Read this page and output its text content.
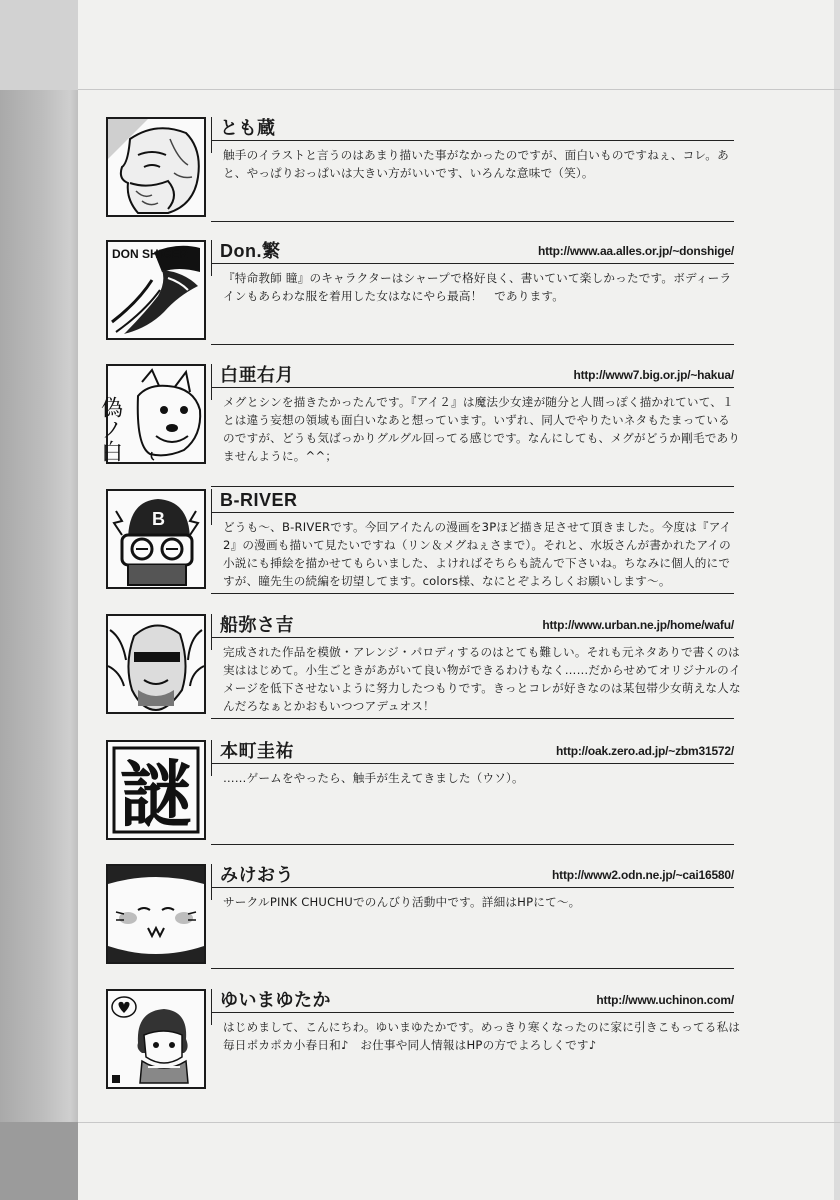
とも蔵
触手のイラストと言うのはあまり描いた事がなかったのですが、面白いものですねぇ、コレ。あと、やっぱりおっぱいは大きい方がいいです、いろんな意味で（笑）。
DON SHIGER Don.繁	http://www.aa.alles.or.jp/~donshige/
『特命教師 瞳』のキャラクターはシャープで格好良く、書いていて楽しかったです。ボディーラインもあらわな服を着用した女はなにやら最高！　であります。
偽ノ白
白亜右月	http://www7.big.or.jp/~hakua/
メグとシンを描きたかったんです。『アイ２』は魔法少女達が随分と人間っぽく描かれていて、１とは違う妄想の領域も面白いなあと想っています。いずれ、同人でやりたいネタもたまっているのですが、どうも気ばっかりグルグル回ってる感じです。なんにしても、メグがどうか剛毛でありませんように。^^；
B
B-RIVER
どうも～、B-RIVERです。今回アイたんの漫画を3Pほど描き足させて頂きました。今度は『アイ2』の漫画も描いて見たいですね（リン＆メグねぇさまで）。それと、水坂さんが書かれたアイの小説にも挿絵を描かせてもらいました、よければそちらも読んで下さいね。ちなみに個人的にですが、瞳先生の続編を切望してます。colors様、なにとぞよろしくお願いします～。
船弥さ吉	http://www.urban.ne.jp/home/wafu/
完成された作品を模倣・アレンジ・パロディするのはとても難しい。それも元ネタありで書くのは実ははじめて。小生ごときがあがいて良い物ができるわけもなく……だからせめてオリジナルのイメージを低下させないように努力したつもりです。きっとコレが好きなのは某包帯少女萌えな人なんだろなぁとかおもいつつアデュオス！
謎
本町圭祐	http://oak.zero.ad.jp/~zbm31572/
……ゲームをやったら、触手が生えてきました（ウソ）。
みけおう	http://www2.odn.ne.jp/~cai16580/
サークルPINK CHUCHUでのんびり活動中です。詳細はHPにて～。
ゆいまゆたか	http://www.uchinon.com/
はじめまして、こんにちわ。ゆいまゆたかです。めっきり寒くなったのに家に引きこもってる私は毎日ポカポカ小春日和♪　お仕事や同人情報はHPの方でよろしくです♪
